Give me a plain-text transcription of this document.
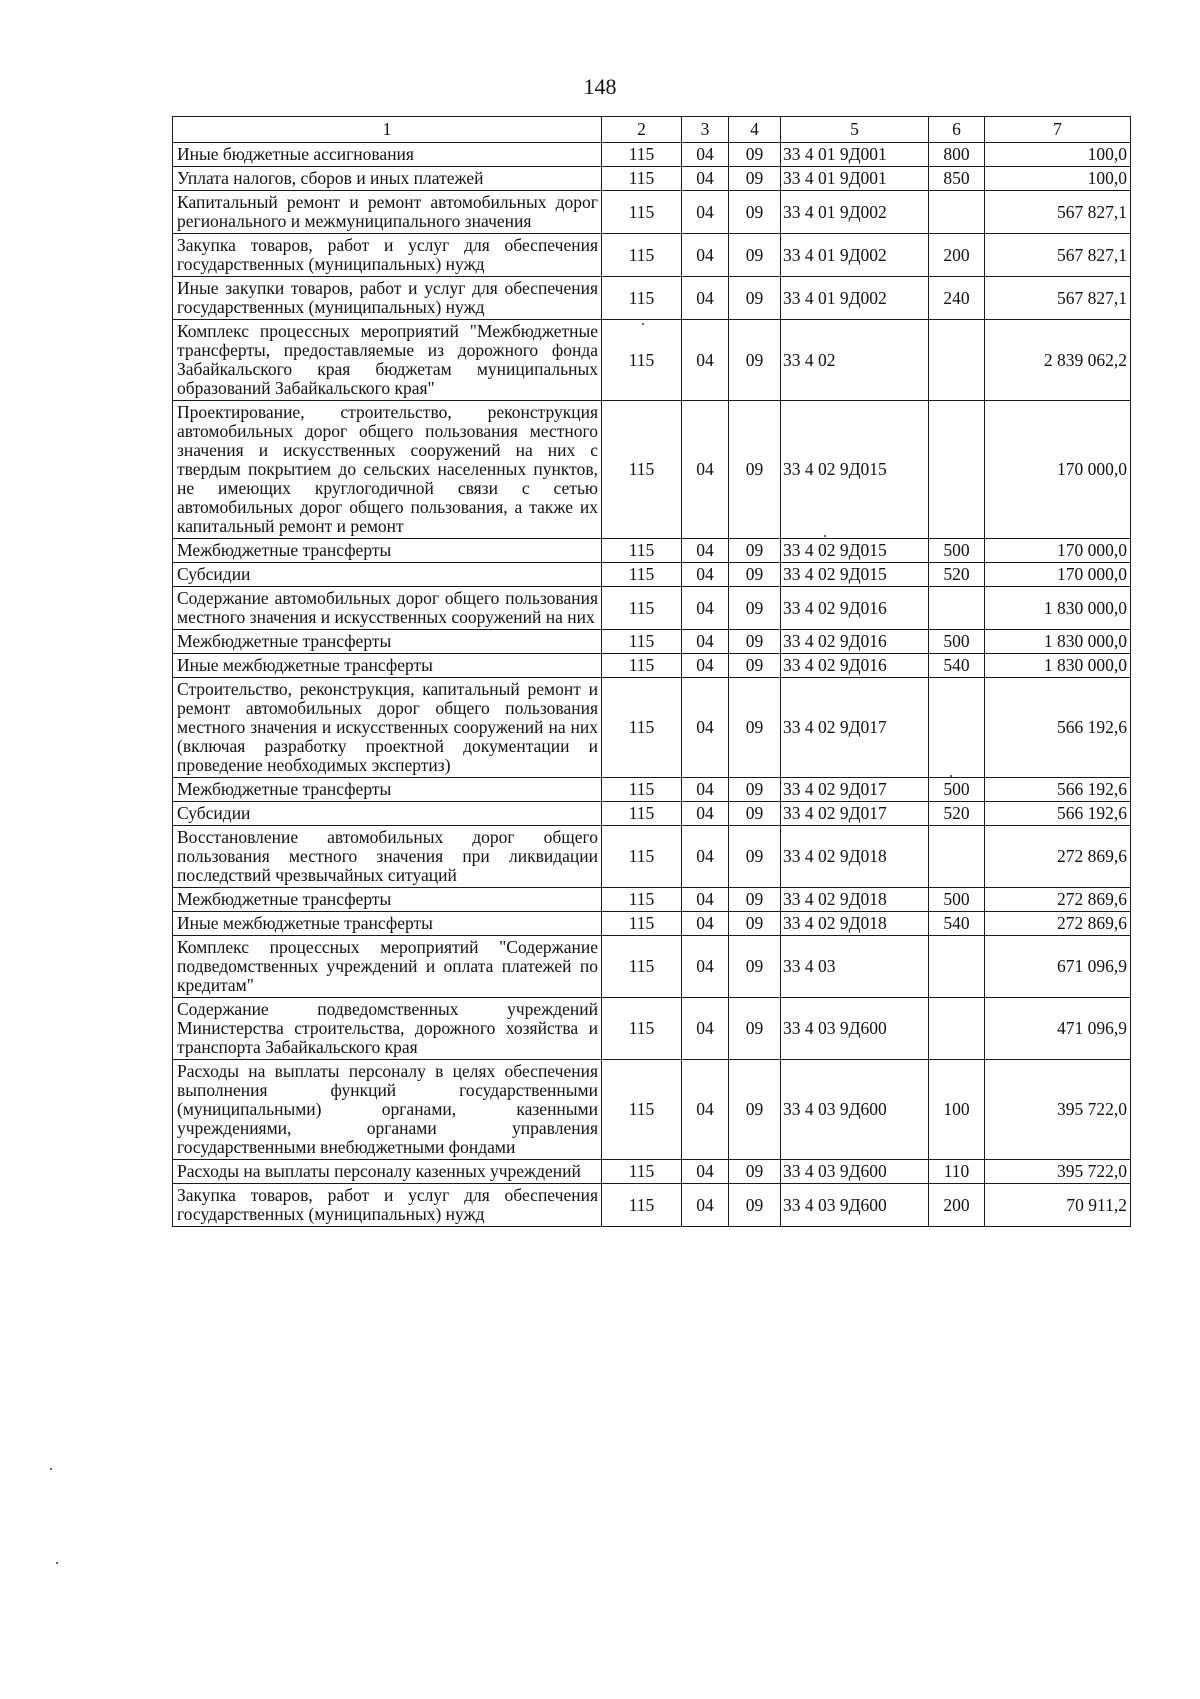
148
1	2	3	4	5	6	7
Иные бюджетные ассигнования	115	04	09	33 4 01 9Д001	800	100,0
Уплата налогов, сборов и иных платежей	115	04	09	33 4 01 9Д001	850	100,0
Капитальный ремонт и ремонт автомобильных дорог регионального и межмуниципального значения	115	04	09	33 4 01 9Д002		567 827,1
Закупка товаров, работ и услуг для обеспечения государственных (муниципальных) нужд	115	04	09	33 4 01 9Д002	200	567 827,1
Иные закупки товаров, работ и услуг для обеспечения государственных (муниципальных) нужд	115	04	09	33 4 01 9Д002	240	567 827,1
Комплекс процессных мероприятий "Межбюджетные трансферты, предоставляемые из дорожного фонда Забайкальского края бюджетам муниципальных образований Забайкальского края"	115	04	09	33 4 02		2 839 062,2
Проектирование, строительство, реконструкция автомобильных дорог общего пользования местного значения и искусственных сооружений на них с твердым покрытием до сельских населенных пунктов, не имеющих круглогодичной связи с сетью автомобильных дорог общего пользования, а также их капитальный ремонт и ремонт	115	04	09	33 4 02 9Д015		170 000,0
Межбюджетные трансферты	115	04	09	33 4 02 9Д015	500	170 000,0
Субсидии	115	04	09	33 4 02 9Д015	520	170 000,0
Содержание автомобильных дорог общего пользования местного значения и искусственных сооружений на них	115	04	09	33 4 02 9Д016		1 830 000,0
Межбюджетные трансферты	115	04	09	33 4 02 9Д016	500	1 830 000,0
Иные межбюджетные трансферты	115	04	09	33 4 02 9Д016	540	1 830 000,0
Строительство, реконструкция, капитальный ремонт и ремонт автомобильных дорог общего пользования местного значения и искусственных сооружений на них (включая разработку проектной документации и проведение необходимых экспертиз)	115	04	09	33 4 02 9Д017		566 192,6
Межбюджетные трансферты	115	04	09	33 4 02 9Д017	500	566 192,6
Субсидии	115	04	09	33 4 02 9Д017	520	566 192,6
Восстановление автомобильных дорог общего пользования местного значения при ликвидации последствий чрезвычайных ситуаций	115	04	09	33 4 02 9Д018		272 869,6
Межбюджетные трансферты	115	04	09	33 4 02 9Д018	500	272 869,6
Иные межбюджетные трансферты	115	04	09	33 4 02 9Д018	540	272 869,6
Комплекс процессных мероприятий "Содержание подведомственных учреждений и оплата платежей по кредитам"	115	04	09	33 4 03		671 096,9
Содержание подведомственных учреждений Министерства строительства, дорожного хозяйства и транспорта Забайкальского края	115	04	09	33 4 03 9Д600		471 096,9
Расходы на выплаты персоналу в целях обеспечения выполнения функций государственными (муниципальными) органами, казенными учреждениями, органами управления государственными внебюджетными фондами	115	04	09	33 4 03 9Д600	100	395 722,0
Расходы на выплаты персоналу казенных учреждений	115	04	09	33 4 03 9Д600	110	395 722,0
Закупка товаров, работ и услуг для обеспечения государственных (муниципальных) нужд	115	04	09	33 4 03 9Д600	200	70 911,2
